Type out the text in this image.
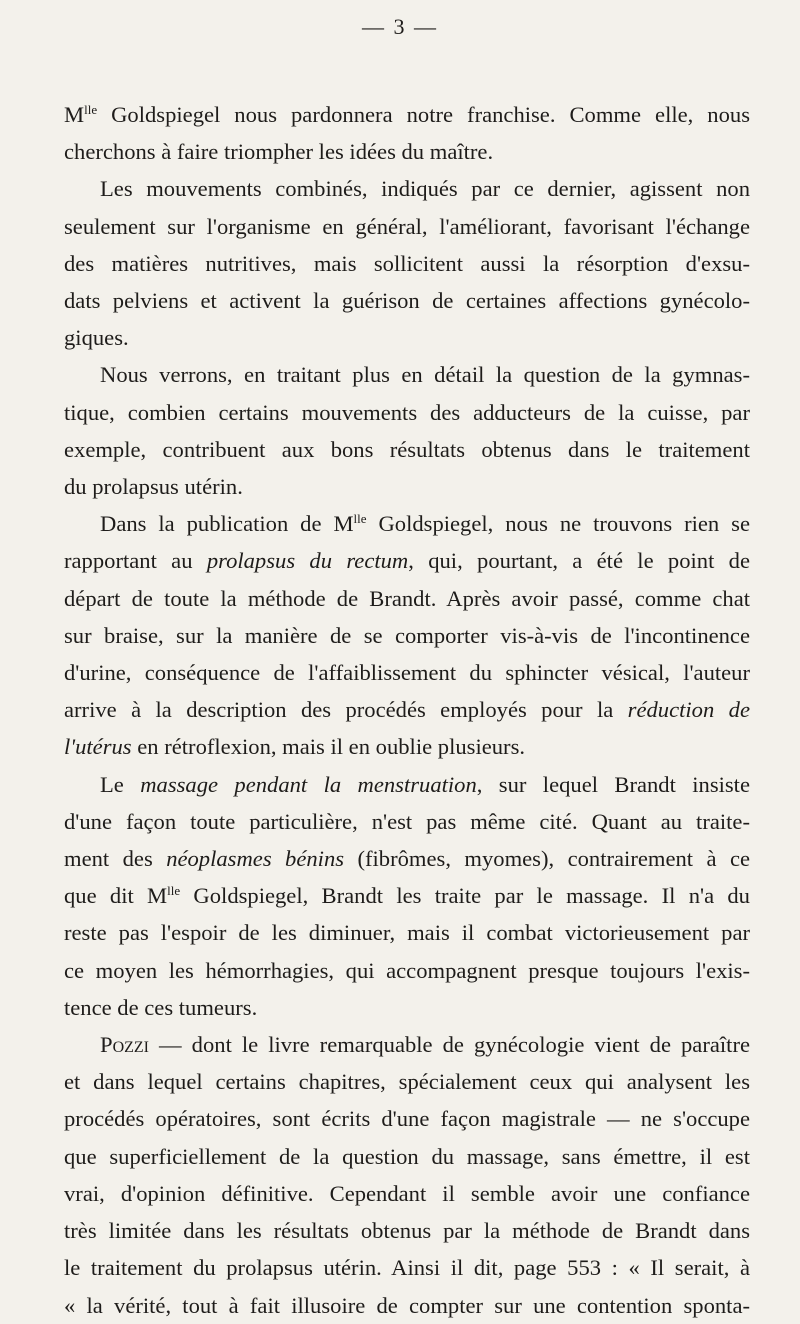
— 3 —
$M^{lle}$ Goldspiegel nous pardonnera notre franchise. Comme elle, nous
cherchons à faire triompher les idées du maître.
Les mouvements combinés, indiqués par ce dernier, agissent non
seulement sur l'organisme en général, l'améliorant, favorisant l'échange
des matières nutritives, mais sollicitent aussi la résorption d'exsu-
dats pelviens et activent la guérison de certaines affections gynécolo-
giques.
Nous verrons, en traitant plus en détail la question de la gymnas-
tique, combien certains mouvements des adducteurs de la cuisse, par
exemple, contribuent aux bons résultats obtenus dans le traitement
du prolapsus utérin.
Dans la publication de $M^{lle}$ Goldspiegel, nous ne trouvons rien se
rapportant au prolapsus du rectum, qui, pourtant, a été le point de
départ de toute la méthode de Brandt. Après avoir passé, comme chat
sur braise, sur la manière de se comporter vis-à-vis de l'incontinence
d'urine, conséquence de l'affaiblissement du sphincter vésical, l'auteur
arrive à la description des procédés employés pour la réduction de
l'utérus en rétroflexion, mais il en oublie plusieurs.
Le massage pendant la menstruation, sur lequel Brandt insiste
d'une façon toute particulière, n'est pas même cité. Quant au traite-
ment des néoplasmes bénins (fibrômes, myomes), contrairement à ce
que dit $M^{lle}$ Goldspiegel, Brandt les traite par le massage. Il n'a du
reste pas l'espoir de les diminuer, mais il combat victorieusement par
ce moyen les hémorrhagies, qui accompagnent presque toujours l'exis-
tence de ces tumeurs.
Pozzi — dont le livre remarquable de gynécologie vient de paraître
et dans lequel certains chapitres, spécialement ceux qui analysent les
procédés opératoires, sont écrits d'une façon magistrale — ne s'occupe
que superficiellement de la question du massage, sans émettre, il est
vrai, d'opinion définitive. Cependant il semble avoir une confiance
très limitée dans les résultats obtenus par la méthode de Brandt dans
le traitement du prolapsus utérin. Ainsi il dit, page 553 : « Il serait, à
« la vérité, tout à fait illusoire de compter sur une contention sponta-
